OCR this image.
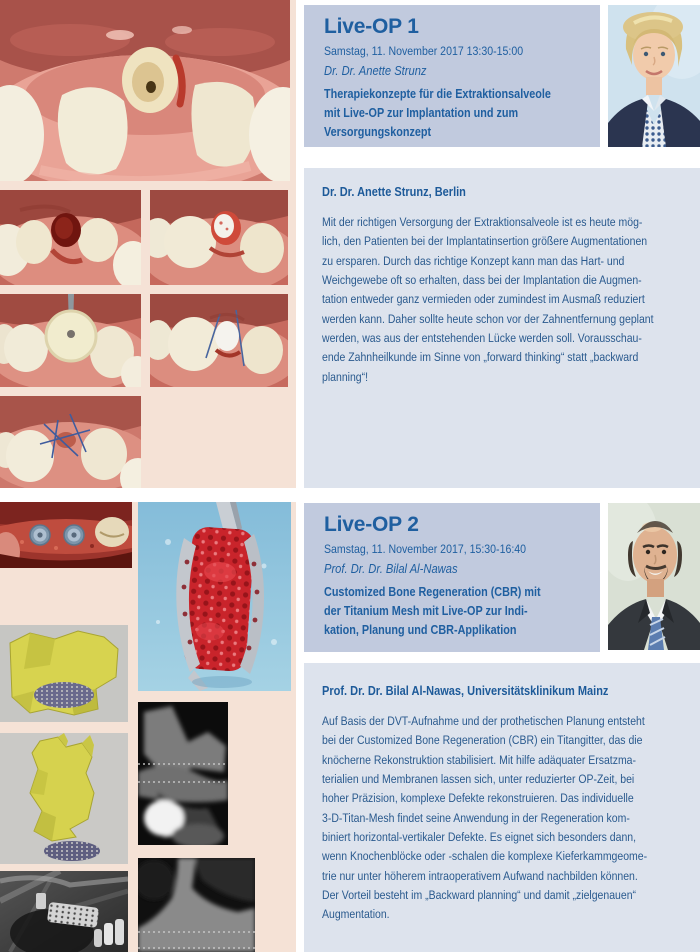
Live-OP 1
Samstag, 11. November 2017 13:30-15:00
Dr. Dr. Anette Strunz
Therapiekonzepte für die Extraktionsalveole
mit Live-OP zur Implantation und zum
Versorgungskonzept
Dr. Dr. Anette Strunz, Berlin

Mit der richtigen Versorgung der Extraktionsalveole ist es heute mög-
lich, den Patienten bei der Implantatinsertion größere Augmentationen
zu ersparen. Durch das richtige Konzept kann man das Hart- und
Weichgewebe oft so erhalten, dass bei der Implantation die Augmen-
tation entweder ganz vermieden oder zumindest im Ausmaß reduziert
werden kann. Daher sollte heute schon vor der Zahnentfernung geplant
werden, was aus der entstehenden Lücke werden soll. Vorausschau-
ende Zahnheilkunde im Sinne von „forward thinking“ statt „backward
planning“!

Live-OP 2
Samstag, 11. November 2017, 15:30-16:40
Prof. Dr. Dr. Bilal Al-Nawas
Customized Bone Regeneration (CBR) mit
der Titanium Mesh mit Live-OP zur Indi-
kation, Planung und CBR-Applikation
Prof. Dr. Dr. Bilal Al-Nawas, Universitätsklinikum Mainz

Auf Basis der DVT-Aufnahme und der prothetischen Planung entsteht
bei der Customized Bone Regeneration (CBR) ein Titangitter, das die
knöcherne Rekonstruktion stabilisiert. Mit hilfe adäquater Ersatzma-
terialien und Membranen lassen sich, unter reduzierter OP-Zeit, bei
hoher Präzision, komplexe Defekte rekonstruieren. Das individuelle
3-D-Titan-Mesh findet seine Anwendung in der Regeneration kom-
biniert horizontal-vertikaler Defekte. Es eignet sich besonders dann,
wenn Knochenblöcke oder -schalen die komplexe Kieferkammgeome-
trie nur unter höherem intraoperativem Aufwand nachbilden können.
Der Vorteil besteht im „Backward planning“ und damit „zielgenauen“
Augmentation.
